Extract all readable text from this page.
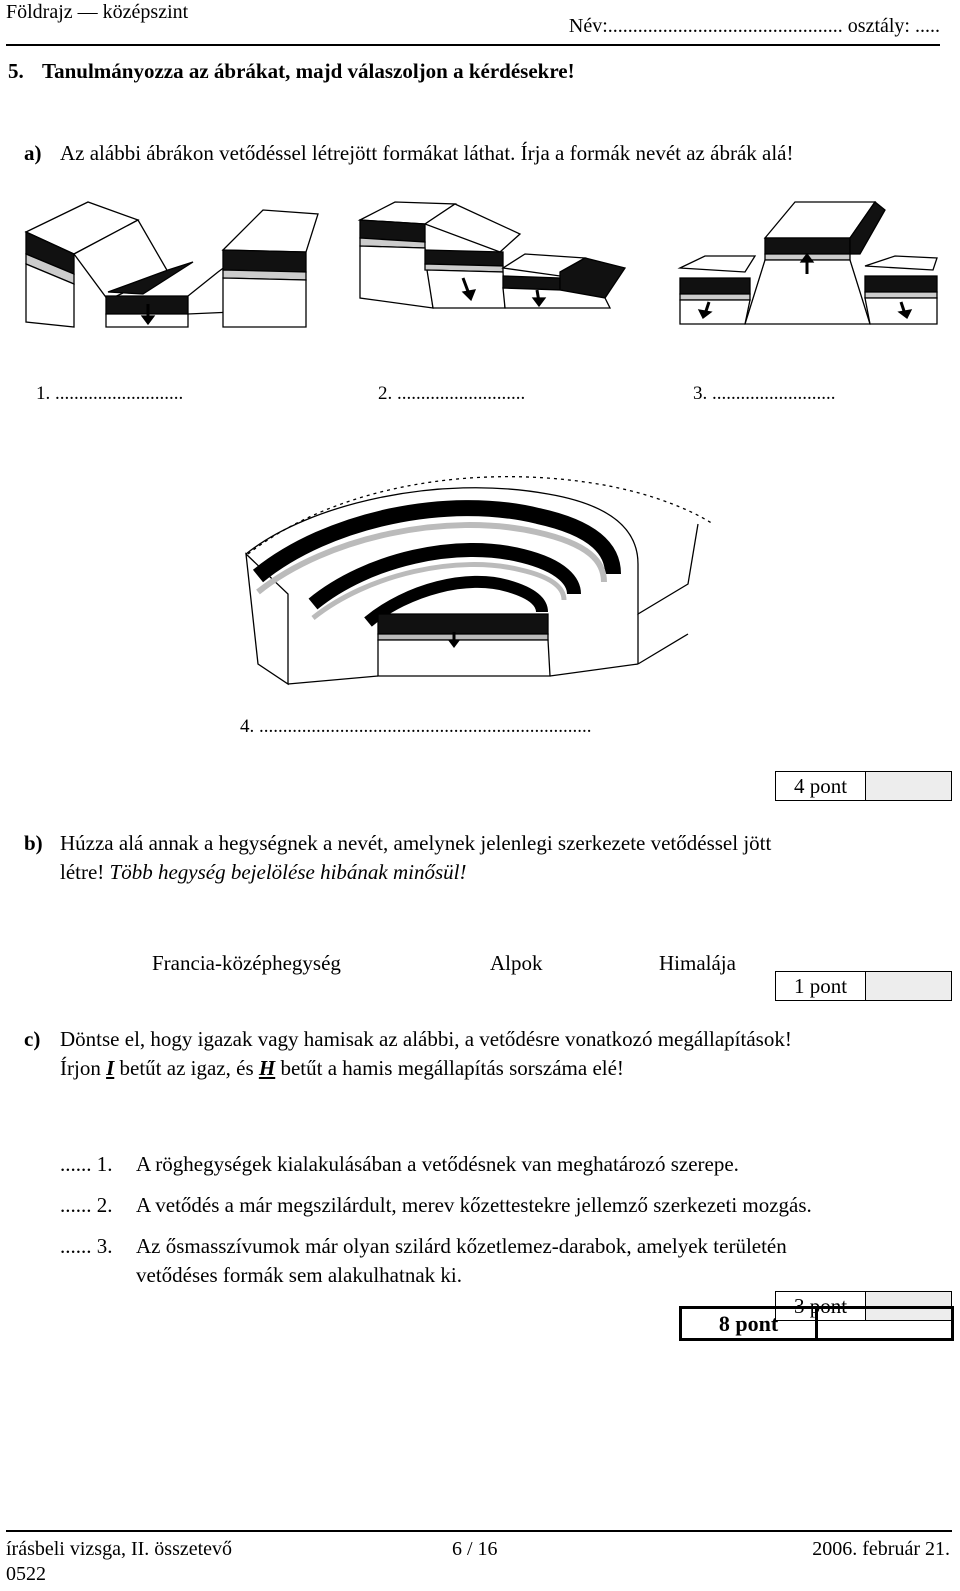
Földrajz — középszint
Név:............................................... osztály: .....
5. Tanulmányozza az ábrákat, majd válaszoljon a kérdésekre!
a) Az alábbi ábrákon vetődéssel létrejött formákat láthat. Írja a formák nevét az ábrák alá!
1. ...........................	2. ...........................	3. ..........................
4. ......................................................................
4 pont
b) Húzza alá annak a hegységnek a nevét, amelynek jelenlegi szerkezete vetődéssel jött
létre! Több hegység bejelölése hibának minősül!
Francia-középhegység	Alpok	Himalája
1 pont
c) Döntse el, hogy igazak vagy hamisak az alábbi, a vetődésre vonatkozó megállapítások!
Írjon I betűt az igaz, és H betűt a hamis megállapítás sorszáma elé!
...... 1. A röghegységek kialakulásában a vetődésnek van meghatározó szerepe.
...... 2. A vetődés a már megszilárdult, merev kőzettestekre jellemző szerkezeti mozgás.
...... 3. Az ősmasszívumok már olyan szilárd kőzetlemez-darabok, amelyek területén
vetődéses formák sem alakulhatnak ki.
3 pont
8 pont
írásbeli vizsga, II. összetevő
0522
6 / 16	2006. február 21.
